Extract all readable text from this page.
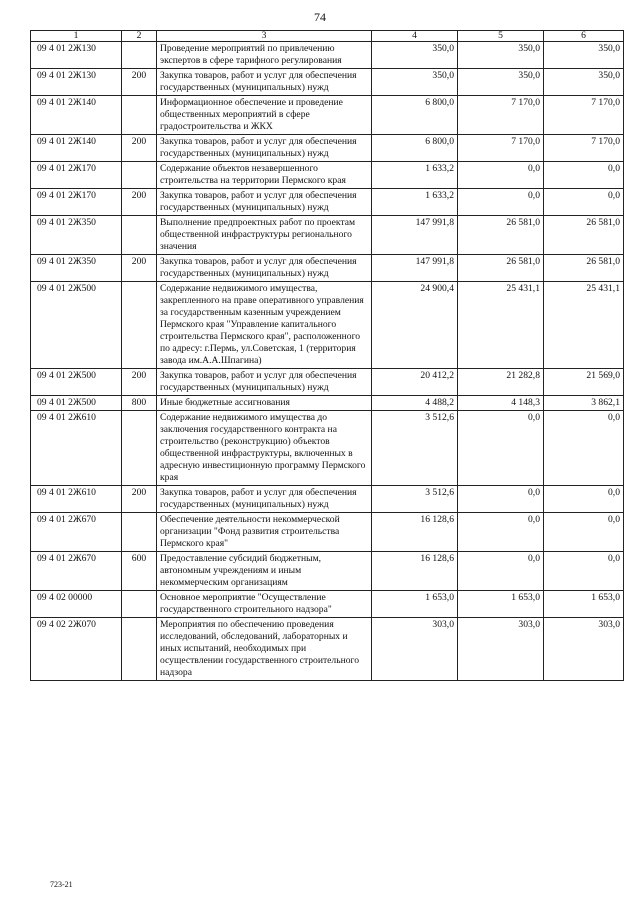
74
1	2	3	4	5	6
09 4 01 2Ж130		Проведение мероприятий по привлечению экспертов в сфере тарифного регулирования	350,0	350,0	350,0
09 4 01 2Ж130	200	Закупка товаров, работ и услуг для обеспечения государственных (муниципальных) нужд	350,0	350,0	350,0
09 4 01 2Ж140		Информационное обеспечение и проведение общественных мероприятий в сфере градостроительства и ЖКХ	6 800,0	7 170,0	7 170,0
09 4 01 2Ж140	200	Закупка товаров, работ и услуг для обеспечения государственных (муниципальных) нужд	6 800,0	7 170,0	7 170,0
09 4 01 2Ж170		Содержание объектов незавершенного строительства на территории Пермского края	1 633,2	0,0	0,0
09 4 01 2Ж170	200	Закупка товаров, работ и услуг для обеспечения государственных (муниципальных) нужд	1 633,2	0,0	0,0
09 4 01 2Ж350		Выполнение предпроектных работ по проектам общественной инфраструктуры регионального значения	147 991,8	26 581,0	26 581,0
09 4 01 2Ж350	200	Закупка товаров, работ и услуг для обеспечения государственных (муниципальных) нужд	147 991,8	26 581,0	26 581,0
09 4 01 2Ж500		Содержание недвижимого имущества, закрепленного на праве оперативного управления за государственным казенным учреждением Пермского края "Управление капитального строительства Пермского края", расположенного по адресу: г.Пермь, ул.Советская, 1 (территория завода им.А.А.Шпагина)	24 900,4	25 431,1	25 431,1
09 4 01 2Ж500	200	Закупка товаров, работ и услуг для обеспечения государственных (муниципальных) нужд	20 412,2	21 282,8	21 569,0
09 4 01 2Ж500	800	Иные бюджетные ассигнования	4 488,2	4 148,3	3 862,1
09 4 01 2Ж610		Содержание недвижимого имущества до заключения государственного контракта на строительство (реконструкцию) объектов общественной инфраструктуры, включенных в адресную инвестиционную программу Пермского края	3 512,6	0,0	0,0
09 4 01 2Ж610	200	Закупка товаров, работ и услуг для обеспечения государственных (муниципальных) нужд	3 512,6	0,0	0,0
09 4 01 2Ж670		Обеспечение деятельности некоммерческой организации "Фонд развития строительства Пермского края"	16 128,6	0,0	0,0
09 4 01 2Ж670	600	Предоставление субсидий бюджетным, автономным учреждениям и иным некоммерческим организациям	16 128,6	0,0	0,0
09 4 02 00000		Основное мероприятие "Осуществление государственного строительного надзора"	1 653,0	1 653,0	1 653,0
09 4 02 2Ж070		Мероприятия по обеспечению проведения исследований, обследований, лабораторных и иных испытаний, необходимых при осуществлении государственного строительного надзора	303,0	303,0	303,0
723-21
